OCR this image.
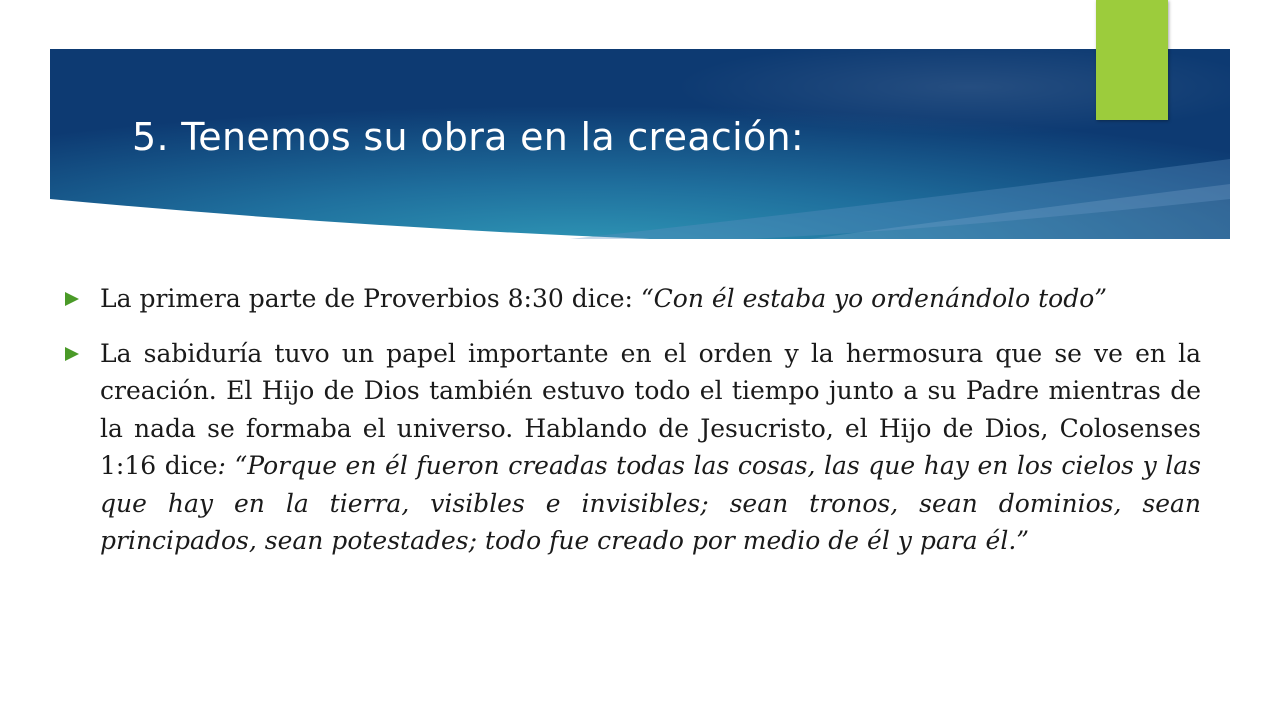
5. Tenemos su obra en la creación:
La primera parte de Proverbios 8:30 dice: “Con él estaba yo ordenándolo todo”
La sabiduría tuvo un papel importante en el orden y la hermosura que se ve en la creación. El Hijo de Dios también estuvo todo el tiempo junto a su Padre mientras de la nada se formaba el universo. Hablando de Jesucristo, el Hijo de Dios, Colosenses 1:16 dice: “Porque en él fueron creadas todas las cosas, las que hay en los cielos y las que hay en la tierra, visibles e invisibles; sean tronos, sean dominios, sean principados, sean potestades; todo fue creado por medio de él y para él.”
